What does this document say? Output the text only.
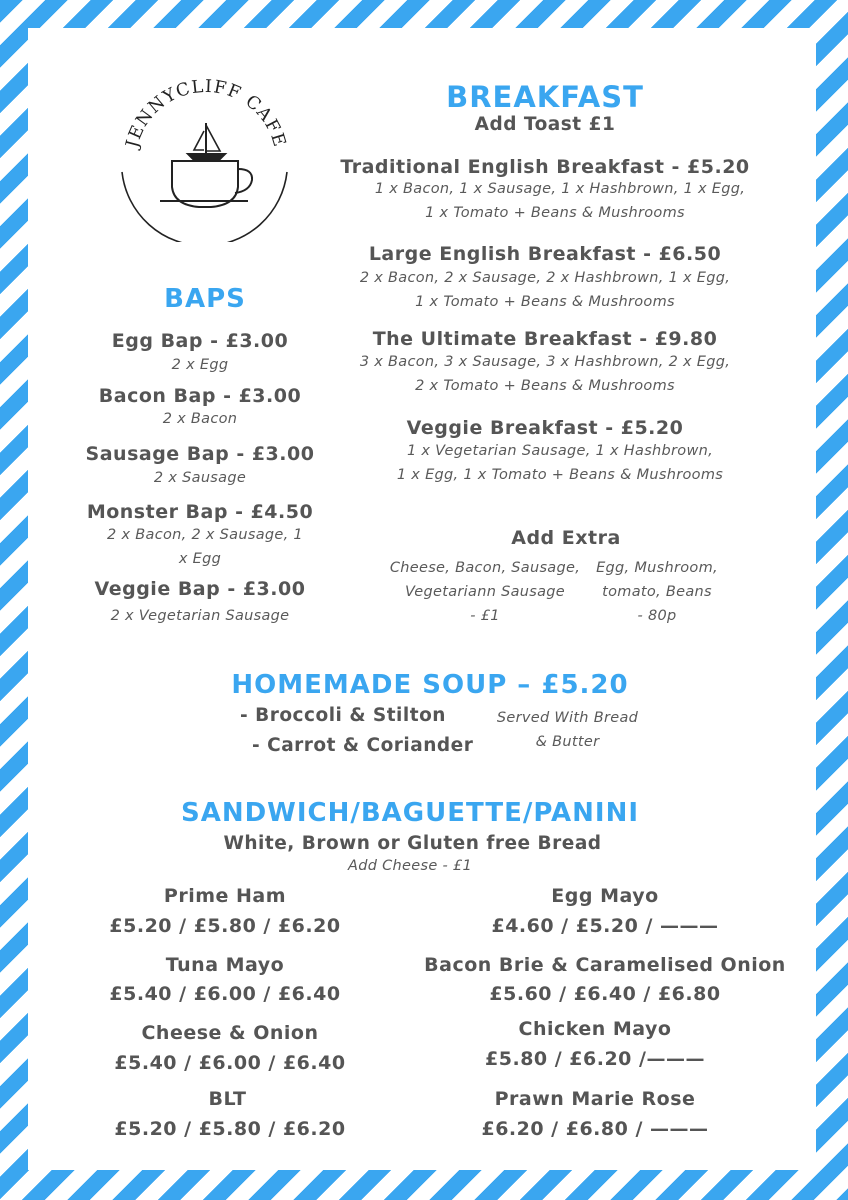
JENNYCLIFF CAFE
BREAKFAST
Add Toast £1
Traditional English Breakfast - £5.20
1 x Bacon, 1 x Sausage, 1 x Hashbrown, 1 x Egg,
1 x Tomato + Beans & Mushrooms
Large English Breakfast - £6.50
2 x Bacon, 2 x Sausage, 2 x Hashbrown, 1 x Egg,
1 x Tomato + Beans & Mushrooms
The Ultimate Breakfast - £9.80
3 x Bacon, 3 x Sausage, 3 x Hashbrown, 2 x Egg,
2 x Tomato + Beans & Mushrooms
Veggie Breakfast - £5.20
1 x Vegetarian Sausage, 1 x Hashbrown,
1 x Egg, 1 x Tomato + Beans & Mushrooms
Add Extra
Cheese, Bacon, Sausage,
Vegetariann Sausage
- £1
Egg, Mushroom,
tomato, Beans
- 80p
BAPS
Egg Bap - £3.00
2 x Egg
Bacon Bap - £3.00
2 x Bacon
Sausage Bap - £3.00
2 x Sausage
Monster Bap - £4.50
2 x Bacon, 2 x Sausage, 1
x Egg
Veggie Bap - £3.00
2 x Vegetarian Sausage
HOMEMADE SOUP – £5.20
- Broccoli & Stilton
- Carrot & Coriander
Served With Bread
& Butter
SANDWICH/BAGUETTE/PANINI
White, Brown or Gluten free Bread
Add Cheese - £1
Prime Ham
£5.20 / £5.80 / £6.20
Tuna Mayo
£5.40 / £6.00 / £6.40
Cheese & Onion
£5.40 / £6.00 / £6.40
BLT
£5.20 / £5.80 / £6.20
Egg Mayo
£4.60 / £5.20 / ———
Bacon Brie & Caramelised Onion
£5.60 / £6.40 / £6.80
Chicken Mayo
£5.80 / £6.20 /———
Prawn Marie Rose
£6.20 / £6.80 / ———
